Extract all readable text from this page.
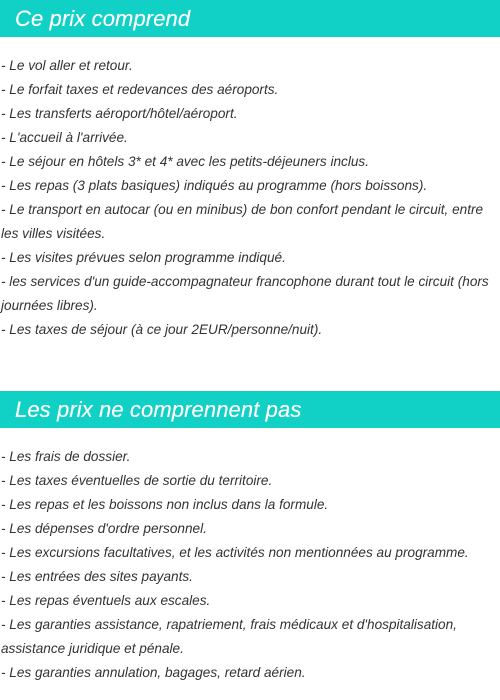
Ce prix comprend
- Le vol aller et retour.
- Le forfait taxes et redevances des aéroports.
- Les transferts aéroport/hôtel/aéroport.
- L'accueil à l'arrivée.
- Le séjour en hôtels 3* et 4* avec les petits-déjeuners inclus.
- Les repas (3 plats basiques) indiqués au programme (hors boissons).
- Le transport en autocar (ou en minibus) de bon confort pendant le circuit, entre les villes visitées.
- Les visites prévues selon programme indiqué.
- les services d'un guide-accompagnateur francophone durant tout le circuit (hors journées libres).
- Les taxes de séjour (à ce jour 2EUR/personne/nuit).
Les prix ne comprennent pas
- Les frais de dossier.
- Les taxes éventuelles de sortie du territoire.
- Les repas et les boissons non inclus dans la formule.
- Les dépenses d'ordre personnel.
- Les excursions facultatives, et les activités non mentionnées au programme.
- Les entrées des sites payants.
- Les repas éventuels aux escales.
- Les garanties assistance, rapatriement, frais médicaux et d'hospitalisation, assistance juridique et pénale.
- Les garanties annulation, bagages, retard aérien.
